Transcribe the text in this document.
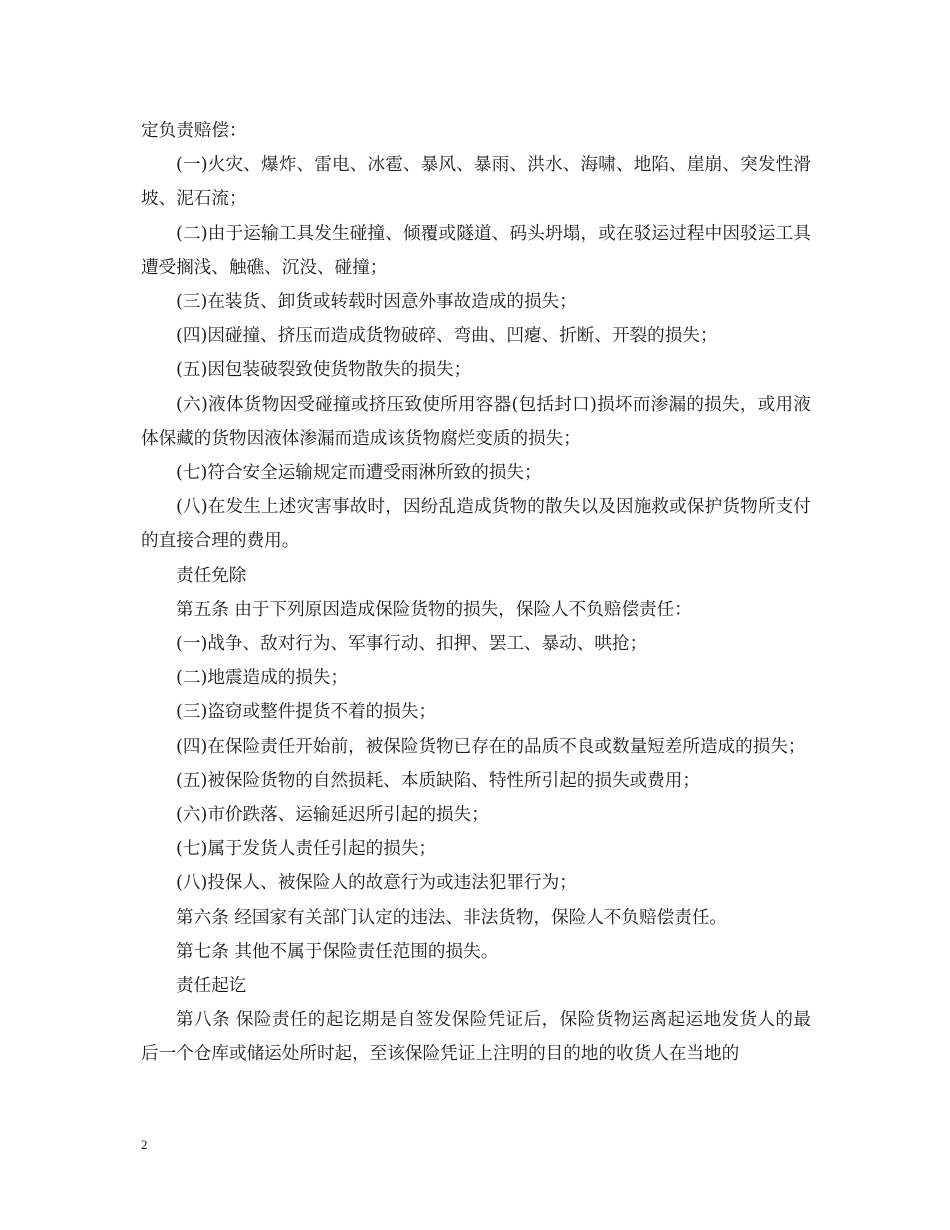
定负责赔偿：

(一)火灾、爆炸、雷电、冰雹、暴风、暴雨、洪水、海啸、地陷、崖崩、突发性滑坡、泥石流；

(二)由于运输工具发生碰撞、倾覆或隧道、码头坍塌，或在驳运过程中因驳运工具遭受搁浅、触礁、沉没、碰撞；

(三)在装货、卸货或转载时因意外事故造成的损失；

(四)因碰撞、挤压而造成货物破碎、弯曲、凹瘪、折断、开裂的损失；

(五)因包装破裂致使货物散失的损失；

(六)液体货物因受碰撞或挤压致使所用容器(包括封口)损坏而渗漏的损失，或用液体保藏的货物因液体渗漏而造成该货物腐烂变质的损失；

(七)符合安全运输规定而遭受雨淋所致的损失；

(八)在发生上述灾害事故时，因纷乱造成货物的散失以及因施救或保护货物所支付的直接合理的费用。

责任免除

第五条 由于下列原因造成保险货物的损失，保险人不负赔偿责任：

(一)战争、敌对行为、军事行动、扣押、罢工、暴动、哄抢；

(二)地震造成的损失；

(三)盗窃或整件提货不着的损失；

(四)在保险责任开始前，被保险货物已存在的品质不良或数量短差所造成的损失；

(五)被保险货物的自然损耗、本质缺陷、特性所引起的损失或费用；

(六)市价跌落、运输延迟所引起的损失；

(七)属于发货人责任引起的损失；

(八)投保人、被保险人的故意行为或违法犯罪行为；

第六条 经国家有关部门认定的违法、非法货物，保险人不负赔偿责任。

第七条 其他不属于保险责任范围的损失。

责任起讫

第八条 保险责任的起讫期是自签发保险凭证后，保险货物运离起运地发货人的最后一个仓库或储运处所时起，至该保险凭证上注明的目的地的收货人在当地的

2
